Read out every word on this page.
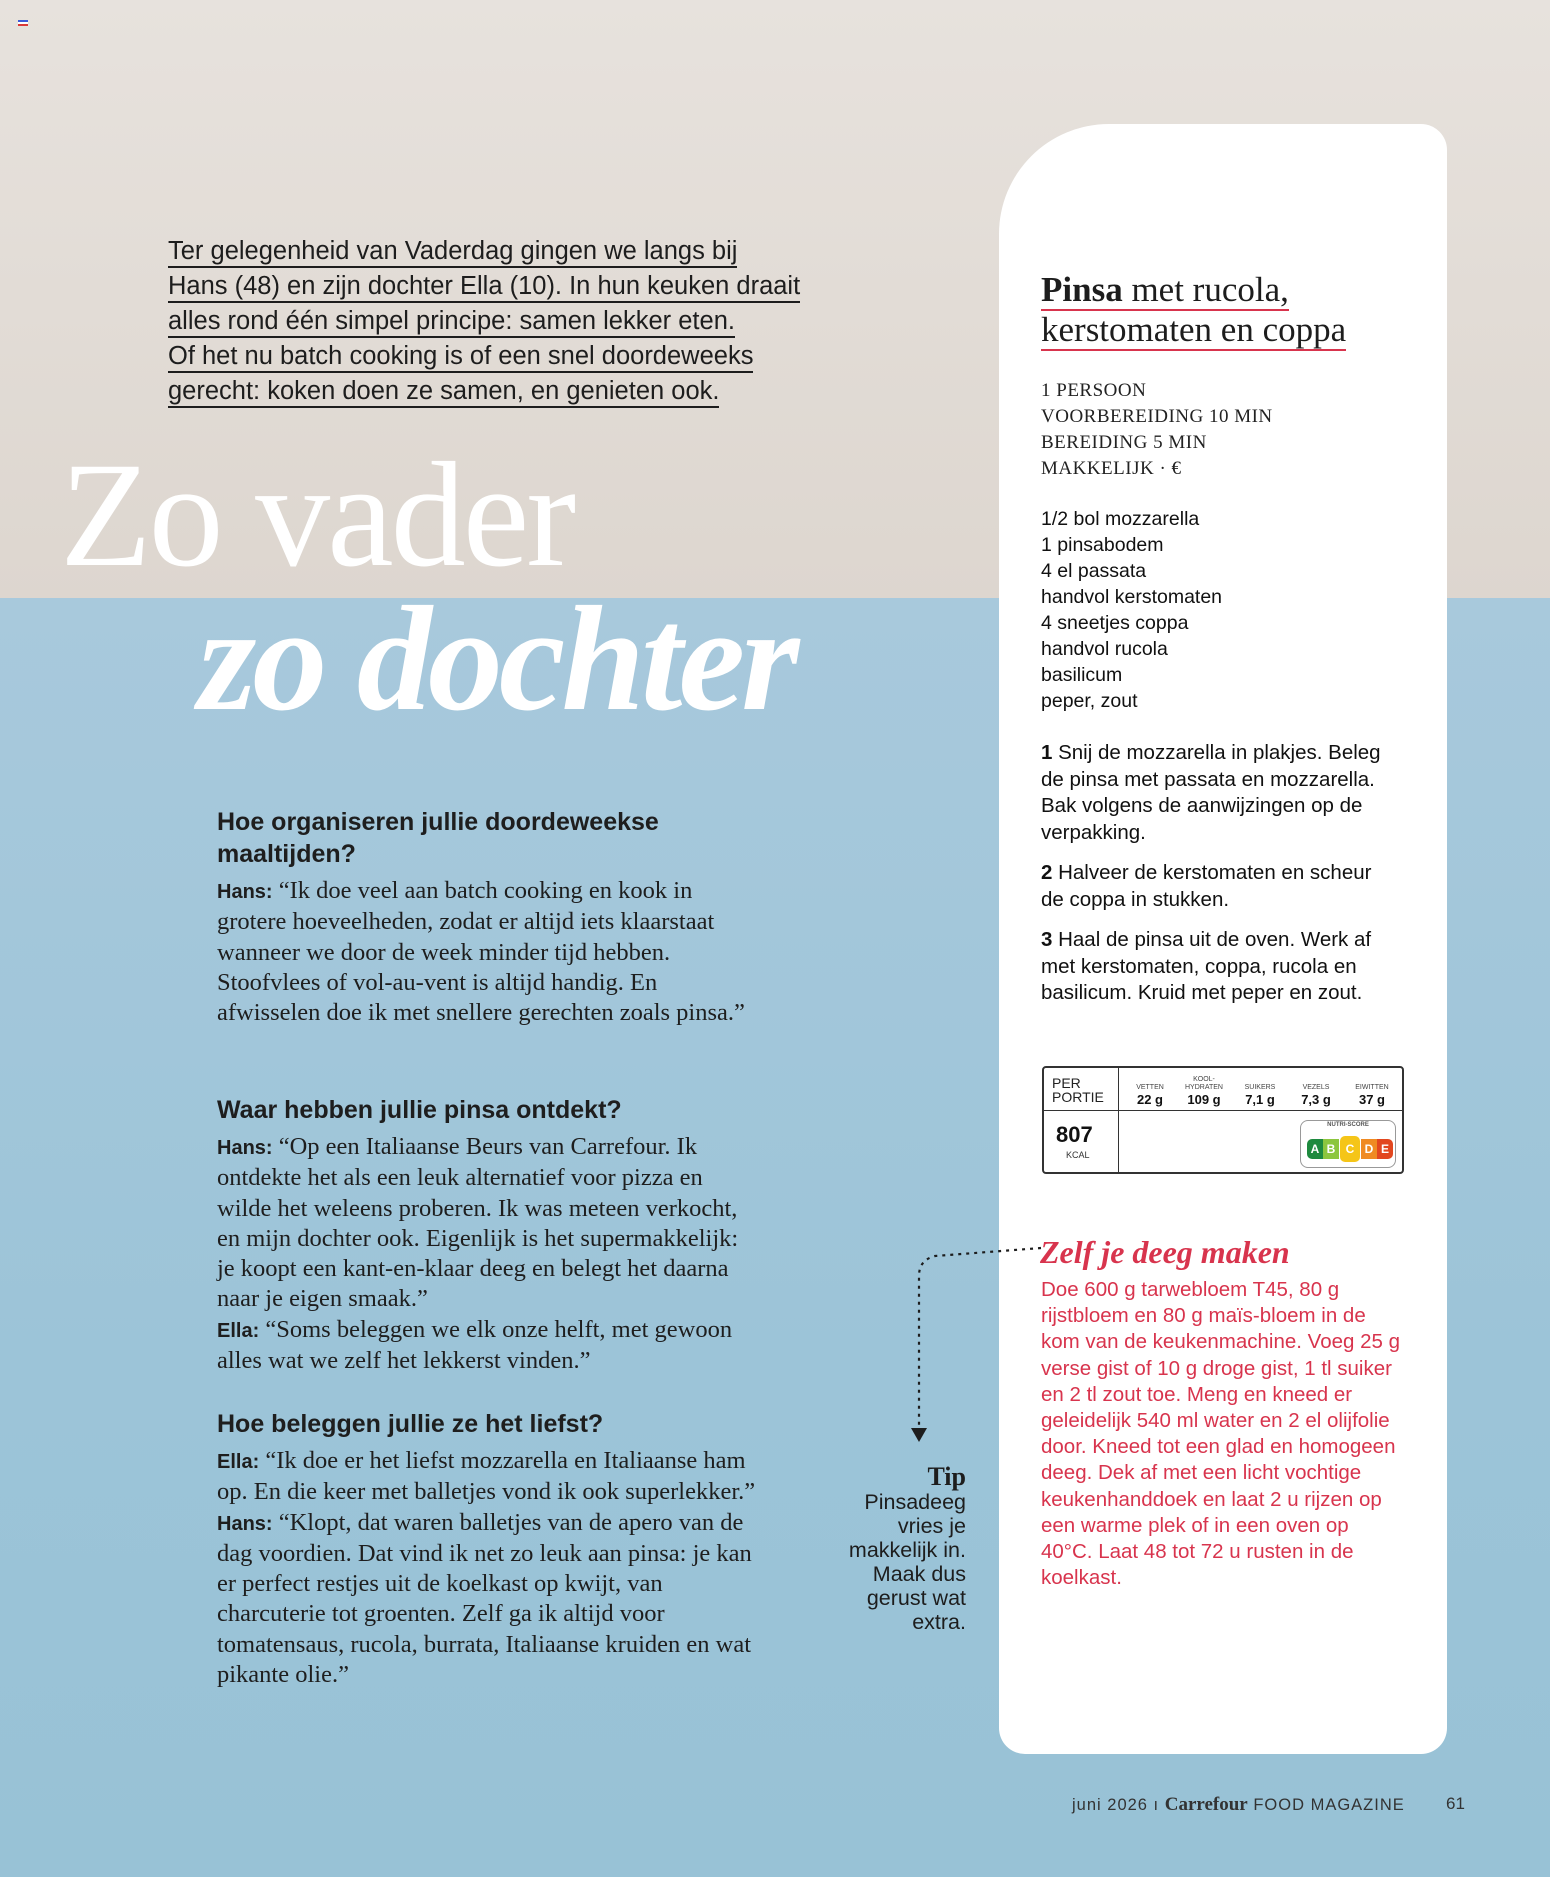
Ter gelegenheid van Vaderdag gingen we langs bij

Hans (48) en zijn dochter Ella (10). In hun keuken draait

alles rond één simpel principe: samen lekker eten.

Of het nu batch cooking is of een snel doordeweeks

gerecht: koken doen ze samen, en genieten ook.

Zo vader
zo dochter

Hoe organiseren jullie doordeweekse maaltijden?

Hans: “Ik doe veel aan batch cooking en kook in grotere hoeveelheden, zodat er altijd iets klaarstaat wanneer we door de week minder tijd hebben. Stoofvlees of vol-au-vent is altijd handig. En afwisselen doe ik met snellere gerechten zoals pinsa.”

Waar hebben jullie pinsa ontdekt?

Hans: “Op een Italiaanse Beurs van Carrefour. Ik ontdekte het als een leuk alternatief voor pizza en wilde het weleens proberen. Ik was meteen verkocht, en mijn dochter ook. Eigenlijk is het supermakkelijk: je koopt een kant-en-klaar deeg en belegt het daarna naar je eigen smaak.”

Ella: “Soms beleggen we elk onze helft, met gewoon alles wat we zelf het lekkerst vinden.”

Hoe beleggen jullie ze het liefst?

Ella: “Ik doe er het liefst mozzarella en Italiaanse ham op. En die keer met balletjes vond ik ook superlekker.”

Hans: “Klopt, dat waren balletjes van de apero van de dag voordien. Dat vind ik net zo leuk aan pinsa: je kan er perfect restjes uit de koelkast op kwijt, van charcuterie tot groenten. Zelf ga ik altijd voor tomatensaus, rucola, burrata, Italiaanse kruiden en wat pikante olie.”

Pinsa met rucola,
kerstomaten en coppa
1 PERSOON
VOORBEREIDING 10 MIN
BEREIDING 5 MIN
MAKKELIJK · €
1/2 bol mozzarella
1 pinsabodem
4 el passata
handvol kerstomaten
4 sneetjes coppa
handvol rucola
basilicum
peper, zout

1 Snij de mozzarella in plakjes. Beleg de pinsa met passata en mozzarella. Bak volgens de aanwijzingen op de verpakking.

2 Halveer de kerstomaten en scheur de coppa in stukken.

3 Haal de pinsa uit de oven. Werk af met kerstomaten, coppa, rucola en basilicum. Kruid met peper en zout.

PER
PORTIE
807
KCAL
VETTEN
22 g
KOOL-HYDRATEN
109 g
SUIKERS
7,1 g
VEZELS
7,3 g
EIWITTEN
37 g
NUTRI-SCORE
A B C D E
Zelf je deeg maken

Doe 600 g tarwebloem T45, 80 g rijstbloem en 80 g maïs-bloem in de kom van de keukenmachine. Voeg 25 g verse gist of 10 g droge gist, 1 tl suiker en 2 tl zout toe. Meng en kneed er geleidelijk 540 ml water en 2 el olijfolie door. Kneed tot een glad en homogeen deeg. Dek af met een licht vochtige keukenhanddoek en laat 2 u rijzen op een warme plek of in een oven op 40°C. Laat 48 tot 72 u rusten in de koelkast.

Tip

Pinsadeeg vries je makkelijk in. Maak dus gerust wat extra.

juni 2026 ı Carrefour FOOD MAGAZINE 61
